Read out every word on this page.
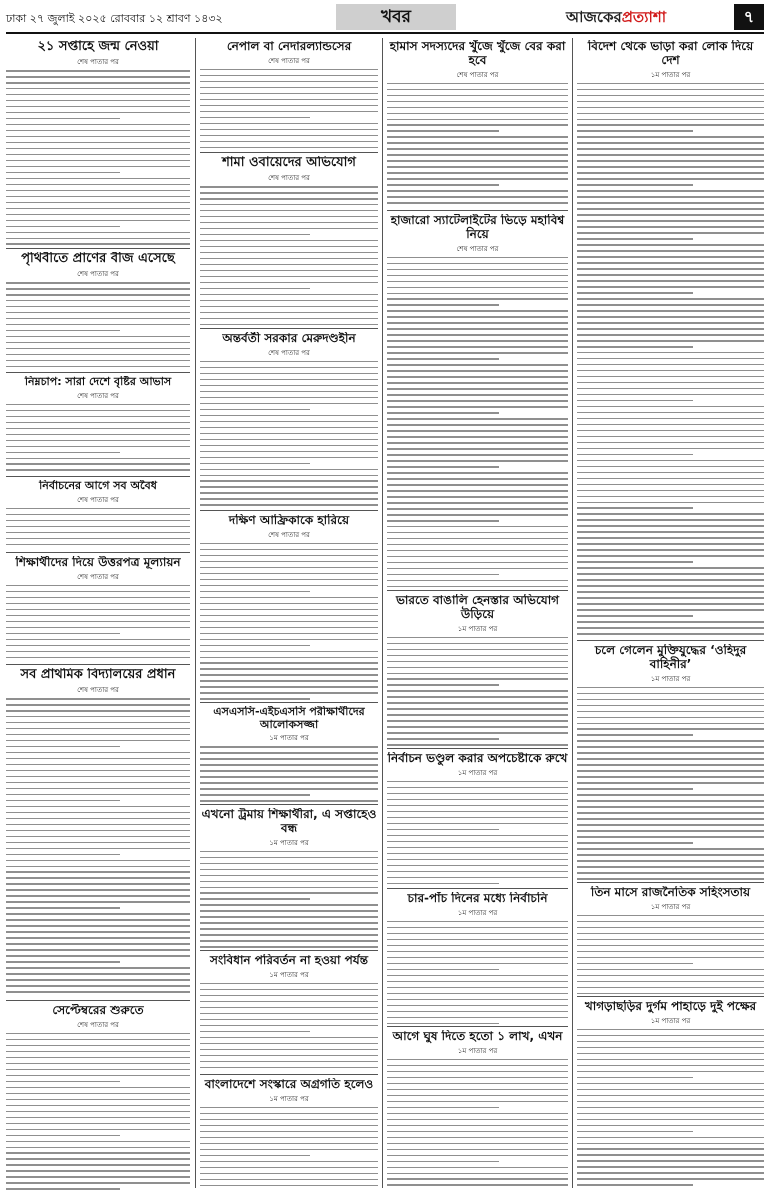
ঢাকা ২৭ জুলাই ২০২৫ রোববার ১২ শ্রাবণ ১৪৩২	খবর	আজকেরপ্রত্যাশা	৭
২১ সপ্তাহে জন্ম নেওয়া
শেষ পাতার পর
পৃথিবীতে প্রাণের বীজ এসেছে
শেষ পাতার পর
নিম্নচাপ: সারা দেশে বৃষ্টির আভাস
শেষ পাতার পর
নির্বাচনের আগে সব অবৈধ
শেষ পাতার পর
শিক্ষার্থীদের দিয়ে উত্তরপত্র মূল্যায়ন
শেষ পাতার পর
সব প্রাথমিক বিদ্যালয়ের প্রধান
শেষ পাতার পর
সেপ্টেম্বরের শুরুতে
শেষ পাতার পর
নেপাল বা নেদারল্যান্ডসের
শেষ পাতার পর
শামা ওবায়েদের অভিযোগ
শেষ পাতার পর
অন্তর্বর্তী সরকার মেরুদণ্ডহীন
শেষ পাতার পর
দক্ষিণ আফ্রিকাকে হারিয়ে
শেষ পাতার পর
এসএসসি-এইচএসসি পরীক্ষার্থীদের আলোকসজ্জা
১ম পাতার পর
এখনো ট্রমায় শিক্ষার্থীরা, এ সপ্তাহেও বন্ধ
১ম পাতার পর
সংবিধান পরিবর্তন না হওয়া পর্যন্ত
১ম পাতার পর
বাংলাদেশে সংস্কারে অগ্রগতি হলেও
১ম পাতার পর
হামাস সদস্যদের খুঁজে খুঁজে বের করা হবে
শেষ পাতার পর
হাজারো স্যাটেলাইটের ভিড়ে মহাবিশ্ব নিয়ে
শেষ পাতার পর
ভারতে বাঙালি হেনস্তার অভিযোগ উড়িয়ে
১ম পাতার পর
নির্বাচন ভণ্ডুল করার অপচেষ্টাকে রুখে
১ম পাতার পর
চার-পাঁচ দিনের মধ্যে নির্বাচনি
১ম পাতার পর
আগে ঘুষ দিতে হতো ১ লাখ, এখন
১ম পাতার পর
বিদেশ থেকে ভাড়া করা লোক দিয়ে দেশ
১ম পাতার পর
চলে গেলেন মুক্তিযুদ্ধের ‘ওহিদুর বাহিনীর’
১ম পাতার পর
তিন মাসে রাজনৈতিক সহিংসতায়
১ম পাতার পর
খাগড়াছড়ির দুর্গম পাহাড়ে দুই পক্ষের
১ম পাতার পর
